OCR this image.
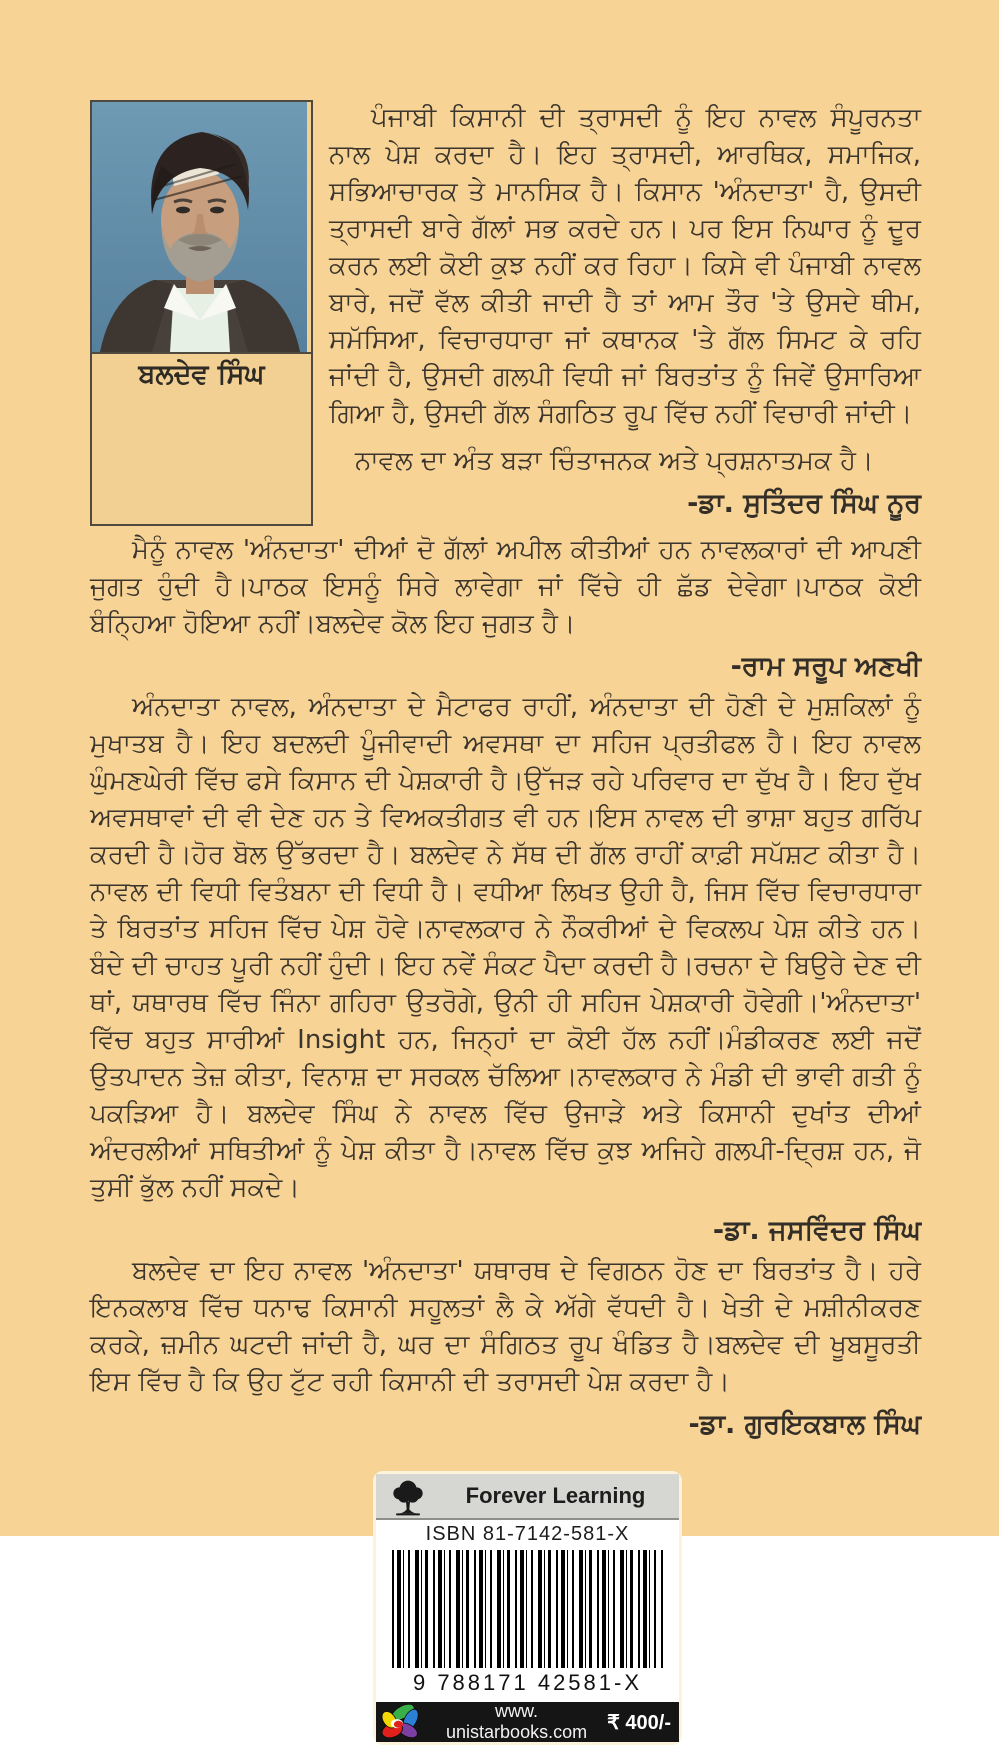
ਬਲਦੇਵ ਸਿੰਘ

ਪੰਜਾਬੀ ਕਿਸਾਨੀ ਦੀ ਤ੍ਰਾਸਦੀ ਨੂੰ ਇਹ ਨਾਵਲ ਸੰਪੂਰਨਤਾ ਨਾਲ ਪੇਸ਼ ਕਰਦਾ ਹੈ। ਇਹ ਤ੍ਰਾਸਦੀ, ਆਰਥਿਕ, ਸਮਾਜਿਕ, ਸਭਿਆਚਾਰਕ ਤੇ ਮਾਨਸਿਕ ਹੈ। ਕਿਸਾਨ 'ਅੰਨਦਾਤਾ' ਹੈ, ਉਸਦੀ ਤ੍ਰਾਸਦੀ ਬਾਰੇ ਗੱਲਾਂ ਸਭ ਕਰਦੇ ਹਨ। ਪਰ ਇਸ ਨਿਘਾਰ ਨੂੰ ਦੂਰ ਕਰਨ ਲਈ ਕੋਈ ਕੁਝ ਨਹੀਂ ਕਰ ਰਿਹਾ। ਕਿਸੇ ਵੀ ਪੰਜਾਬੀ ਨਾਵਲ ਬਾਰੇ, ਜਦੋਂ ਵੱਲ ਕੀਤੀ ਜਾਦੀ ਹੈ ਤਾਂ ਆਮ ਤੌਰ 'ਤੇ ਉਸਦੇ ਥੀਮ, ਸਮੱਸਿਆ, ਵਿਚਾਰਧਾਰਾ ਜਾਂ ਕਥਾਨਕ 'ਤੇ ਗੱਲ ਸਿਮਟ ਕੇ ਰਹਿ ਜਾਂਦੀ ਹੈ, ਉਸਦੀ ਗਲਪੀ ਵਿਧੀ ਜਾਂ ਬਿਰਤਾਂਤ ਨੂੰ ਜਿਵੇਂ ਉਸਾਰਿਆ ਗਿਆ ਹੈ, ਉਸਦੀ ਗੱਲ ਸੰਗਠਿਤ ਰੂਪ ਵਿੱਚ ਨਹੀਂ ਵਿਚਾਰੀ ਜਾਂਦੀ।

ਨਾਵਲ ਦਾ ਅੰਤ ਬੜਾ ਚਿੰਤਾਜਨਕ ਅਤੇ ਪ੍ਰਸ਼ਨਾਤਮਕ ਹੈ।

-ਡਾ. ਸੁਤਿੰਦਰ ਸਿੰਘ ਨੂਰ

ਮੈਨੂੰ ਨਾਵਲ 'ਅੰਨਦਾਤਾ' ਦੀਆਂ ਦੋ ਗੱਲਾਂ ਅਪੀਲ ਕੀਤੀਆਂ ਹਨ ਨਾਵਲਕਾਰਾਂ ਦੀ ਆਪਣੀ ਜੁਗਤ ਹੁੰਦੀ ਹੈ।ਪਾਠਕ ਇਸਨੂੰ ਸਿਰੇ ਲਾਵੇਗਾ ਜਾਂ ਵਿੱਚੇ ਹੀ ਛੱਡ ਦੇਵੇਗਾ।ਪਾਠਕ ਕੋਈ ਬੰਨ੍ਹਿਆ ਹੋਇਆ ਨਹੀਂ।ਬਲਦੇਵ ਕੋਲ ਇਹ ਜੁਗਤ ਹੈ।

-ਰਾਮ ਸਰੂਪ ਅਣਖੀ

ਅੰਨਦਾਤਾ ਨਾਵਲ, ਅੰਨਦਾਤਾ ਦੇ ਮੈਟਾਫਰ ਰਾਹੀਂ, ਅੰਨਦਾਤਾ ਦੀ ਹੋਣੀ ਦੇ ਮੁਸ਼ਕਿਲਾਂ ਨੂੰ ਮੁਖਾਤਬ ਹੈ। ਇਹ ਬਦਲਦੀ ਪੂੰਜੀਵਾਦੀ ਅਵਸਥਾ ਦਾ ਸਹਿਜ ਪ੍ਰਤੀਫਲ ਹੈ। ਇਹ ਨਾਵਲ ਘੁੰਮਣਘੇਰੀ ਵਿੱਚ ਫਸੇ ਕਿਸਾਨ ਦੀ ਪੇਸ਼ਕਾਰੀ ਹੈ।ਉੱਜੜ ਰਹੇ ਪਰਿਵਾਰ ਦਾ ਦੁੱਖ ਹੈ। ਇਹ ਦੁੱਖ ਅਵਸਥਾਵਾਂ ਦੀ ਵੀ ਦੇਣ ਹਨ ਤੇ ਵਿਅਕਤੀਗਤ ਵੀ ਹਨ।ਇਸ ਨਾਵਲ ਦੀ ਭਾਸ਼ਾ ਬਹੁਤ ਗਰਿੱਪ ਕਰਦੀ ਹੈ।ਹੋਰ ਬੋਲ ਉੱਭਰਦਾ ਹੈ। ਬਲਦੇਵ ਨੇ ਸੱਥ ਦੀ ਗੱਲ ਰਾਹੀਂ ਕਾਫ਼ੀ ਸਪੱਸ਼ਟ ਕੀਤਾ ਹੈ।ਨਾਵਲ ਦੀ ਵਿਧੀ ਵਿਤੰਬਨਾ ਦੀ ਵਿਧੀ ਹੈ। ਵਧੀਆ ਲਿਖਤ ਉਹੀ ਹੈ, ਜਿਸ ਵਿੱਚ ਵਿਚਾਰਧਾਰਾ ਤੇ ਬਿਰਤਾਂਤ ਸਹਿਜ ਵਿੱਚ ਪੇਸ਼ ਹੋਵੇ।ਨਾਵਲਕਾਰ ਨੇ ਨੌਕਰੀਆਂ ਦੇ ਵਿਕਲਪ ਪੇਸ਼ ਕੀਤੇ ਹਨ। ਬੰਦੇ ਦੀ ਚਾਹਤ ਪੂਰੀ ਨਹੀਂ ਹੁੰਦੀ। ਇਹ ਨਵੇਂ ਸੰਕਟ ਪੈਦਾ ਕਰਦੀ ਹੈ।ਰਚਨਾ ਦੇ ਬਿਉਰੇ ਦੇਣ ਦੀ ਥਾਂ, ਯਥਾਰਥ ਵਿੱਚ ਜਿੰਨਾ ਗਹਿਰਾ ਉਤਰੋਗੇ, ਉਨੀ ਹੀ ਸਹਿਜ ਪੇਸ਼ਕਾਰੀ ਹੋਵੇਗੀ।'ਅੰਨਦਾਤਾ' ਵਿੱਚ ਬਹੁਤ ਸਾਰੀਆਂ Insight ਹਨ, ਜਿਨ੍ਹਾਂ ਦਾ ਕੋਈ ਹੱਲ ਨਹੀਂ।ਮੰਡੀਕਰਣ ਲਈ ਜਦੋਂ ਉਤਪਾਦਨ ਤੇਜ਼ ਕੀਤਾ, ਵਿਨਾਸ਼ ਦਾ ਸਰਕਲ ਚੱਲਿਆ।ਨਾਵਲਕਾਰ ਨੇ ਮੰਡੀ ਦੀ ਭਾਵੀ ਗਤੀ ਨੂੰ ਪਕੜਿਆ ਹੈ। ਬਲਦੇਵ ਸਿੰਘ ਨੇ ਨਾਵਲ ਵਿੱਚ ਉਜਾੜੇ ਅਤੇ ਕਿਸਾਨੀ ਦੁਖਾਂਤ ਦੀਆਂ ਅੰਦਰਲੀਆਂ ਸਥਿਤੀਆਂ ਨੂੰ ਪੇਸ਼ ਕੀਤਾ ਹੈ।ਨਾਵਲ ਵਿੱਚ ਕੁਝ ਅਜਿਹੇ ਗਲਪੀ-ਦ੍ਰਿਸ਼ ਹਨ, ਜੋ ਤੁਸੀਂ ਭੁੱਲ ਨਹੀਂ ਸਕਦੇ।

-ਡਾ. ਜਸਵਿੰਦਰ ਸਿੰਘ

ਬਲਦੇਵ ਦਾ ਇਹ ਨਾਵਲ 'ਅੰਨਦਾਤਾ' ਯਥਾਰਥ ਦੇ ਵਿਗਠਨ ਹੋਣ ਦਾ ਬਿਰਤਾਂਤ ਹੈ। ਹਰੇ ਇਨਕਲਾਬ ਵਿੱਚ ਧਨਾਢ ਕਿਸਾਨੀ ਸਹੂਲਤਾਂ ਲੈ ਕੇ ਅੱਗੇ ਵੱਧਦੀ ਹੈ। ਖੇਤੀ ਦੇ ਮਸ਼ੀਨੀਕਰਣ ਕਰਕੇ, ਜ਼ਮੀਨ ਘਟਦੀ ਜਾਂਦੀ ਹੈ, ਘਰ ਦਾ ਸੰਗਿਠਤ ਰੂਪ ਖੰਡਿਤ ਹੈ।ਬਲਦੇਵ ਦੀ ਖੂਬਸੂਰਤੀ ਇਸ ਵਿੱਚ ਹੈ ਕਿ ਉਹ ਟੁੱਟ ਰਹੀ ਕਿਸਾਨੀ ਦੀ ਤਰਾਸਦੀ ਪੇਸ਼ ਕਰਦਾ ਹੈ।

-ਡਾ. ਗੁਰਇਕਬਾਲ ਸਿੰਘ

Forever Learning
ISBN 81-7142-581-X
9 788171 42581-X
www. unistarbooks.com	₹ 400/-
